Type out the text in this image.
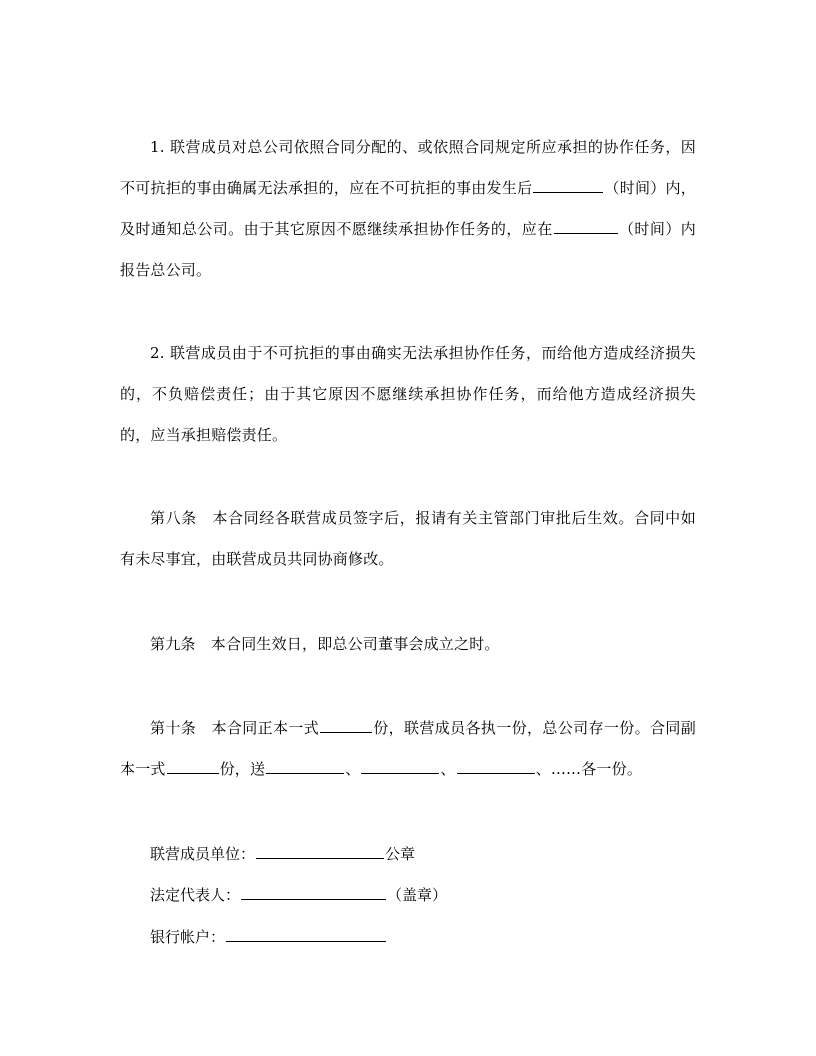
1. 联营成员对总公司依照合同分配的、或依照合同规定所应承担的协作任务，因不可抗拒的事由确属无法承担的，应在不可抗拒的事由发生后	（时间）内，及时通知总公司。由于其它原因不愿继续承担协作任务的，应在	（时间）内报告总公司。

2. 联营成员由于不可抗拒的事由确实无法承担协作任务，而给他方造成经济损失的，不负赔偿责任；由于其它原因不愿继续承担协作任务，而给他方造成经济损失的，应当承担赔偿责任。

第八条　本合同经各联营成员签字后，报请有关主管部门审批后生效。合同中如有未尽事宜，由联营成员共同协商修改。

第九条　本合同生效日，即总公司董事会成立之时。

第十条　本合同正本一式	份，联营成员各执一份，总公司存一份。合同副本一式	份，送	、	、	、……各一份。

联营成员单位：	公章

法定代表人：	（盖章）

银行帐户：
